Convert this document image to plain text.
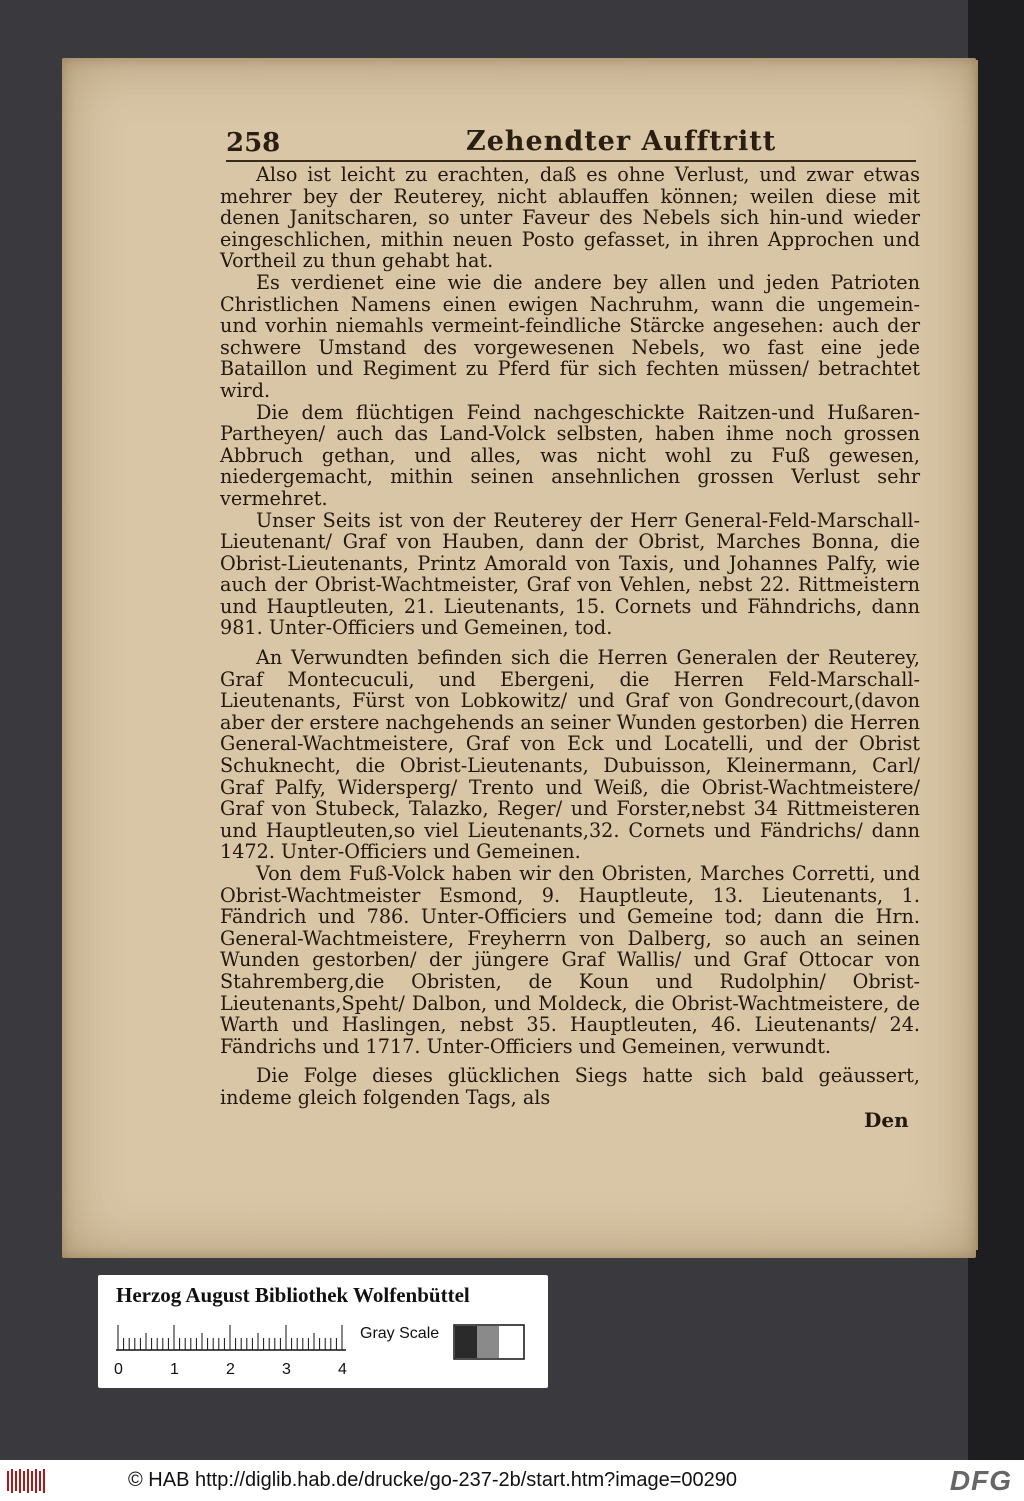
258	Zehendter Aufftritt

Also ist leicht zu erachten, daß es ohne Verlust, und zwar etwas mehrer bey der Reuterey, nicht ablauffen können; weilen diese mit denen Janitscharen, so unter Faveur des Nebels sich hin-und wieder eingeschlichen, mithin neuen Posto gefasset, in ihren Approchen und Vortheil zu thun gehabt hat.

Es verdienet eine wie die andere bey allen und jeden Patrioten Christlichen Namens einen ewigen Nachruhm, wann die ungemein- und vorhin niemahls vermeint-feindliche Stärcke angesehen: auch der schwere Umstand des vorgewesenen Nebels, wo fast eine jede Bataillon und Regiment zu Pferd für sich fechten müssen/ betrachtet wird.

Die dem flüchtigen Feind nachgeschickte Raitzen-und Hußaren-Partheyen/ auch das Land-Volck selbsten, haben ihme noch grossen Abbruch gethan, und alles, was nicht wohl zu Fuß gewesen, niedergemacht, mithin seinen ansehnlichen grossen Verlust sehr vermehret.

Unser Seits ist von der Reuterey der Herr General-Feld-Marschall-Lieutenant/ Graf von Hauben, dann der Obrist, Marches Bonna, die Obrist-Lieutenants, Printz Amorald von Taxis, und Johannes Palfy, wie auch der Obrist-Wachtmeister, Graf von Vehlen, nebst 22. Rittmeistern und Hauptleuten, 21. Lieutenants, 15. Cornets und Fähndrichs, dann 981. Unter-Officiers und Gemeinen, tod.

An Verwundten befinden sich die Herren Generalen der Reuterey, Graf Montecuculi, und Ebergeni, die Herren Feld-Marschall-Lieutenants, Fürst von Lobkowitz/ und Graf von Gondrecourt,(davon aber der erstere nachgehends an seiner Wunden gestorben) die Herren General-Wachtmeistere, Graf von Eck und Locatelli, und der Obrist Schuknecht, die Obrist-Lieutenants, Dubuisson, Kleinermann, Carl/ Graf Palfy, Widersperg/ Trento und Weiß, die Obrist-Wachtmeistere/ Graf von Stubeck, Talazko, Reger/ und Forster,nebst 34 Rittmeisteren und Hauptleuten,so viel Lieutenants,32. Cornets und Fändrichs/ dann 1472. Unter-Officiers und Gemeinen.

Von dem Fuß-Volck haben wir den Obristen, Marches Corretti, und Obrist-Wachtmeister Esmond, 9. Hauptleute, 13. Lieutenants, 1. Fändrich und 786. Unter-Officiers und Gemeine tod; dann die Hrn. General-Wachtmeistere, Freyherrn von Dalberg, so auch an seinen Wunden gestorben/ der jüngere Graf Wallis/ und Graf Ottocar von Stahremberg,die Obristen, de Koun und Rudolphin/ Obrist-Lieutenants,Speht/ Dalbon, und Moldeck, die Obrist-Wachtmeistere, de Warth und Haslingen, nebst 35. Hauptleuten, 46. Lieutenants/ 24. Fändrichs und 1717. Unter-Officiers und Gemeinen, verwundt.

Die Folge dieses glücklichen Siegs hatte sich bald geäussert, indeme gleich folgenden Tags, als

Den
Herzog August Bibliothek Wolfenbüttel
Gray Scale
0	1	2	3	4
© HAB http://diglib.hab.de/drucke/go-237-2b/start.htm?image=00290	DFG
